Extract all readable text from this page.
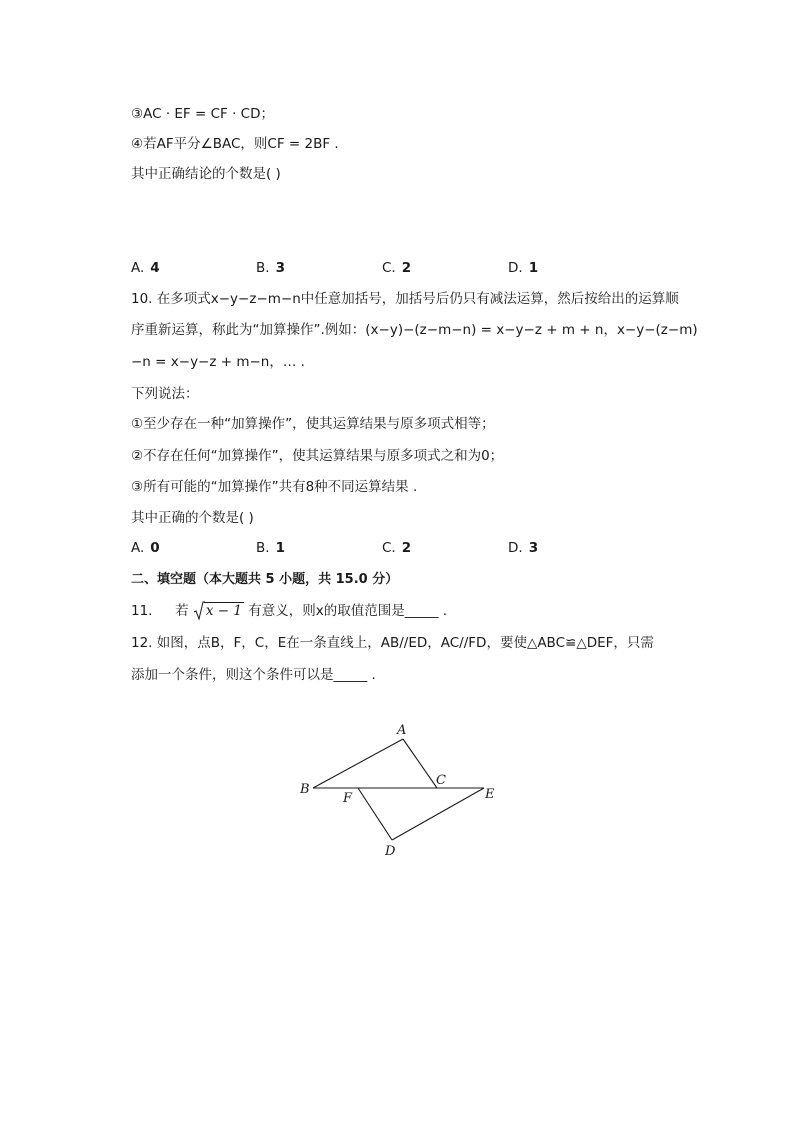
③AC · EF = CF · CD；
④若AF平分∠BAC，则CF = 2BF .
其中正确结论的个数是( )
A. 4	B. 3	C. 2	D. 1
10. 在多项式x−y−z−m−n中任意加括号，加括号后仍只有减法运算，然后按给出的运算顺
序重新运算，称此为“加算操作”.例如：(x−y)−(z−m−n) = x−y−z + m + n，x−y−(z−m)
−n = x−y−z + m−n，… .
下列说法：
①至少存在一种“加算操作”，使其运算结果与原多项式相等；
②不存在任何“加算操作”，使其运算结果与原多项式之和为0；
③所有可能的“加算操作”共有8种不同运算结果 .
其中正确的个数是( )
A. 0	B. 1	C. 2	D. 3
二、填空题（本大题共 5 小题，共 15.0 分）
11. 若 x − 1 有意义，则x的取值范围是_____ .
12. 如图，点B，F，C，E在一条直线上，AB//ED，AC//FD，要使△ABC≌△DEF，只需
添加一个条件，则这个条件可以是_____ .
A
B
C
D
E
F
